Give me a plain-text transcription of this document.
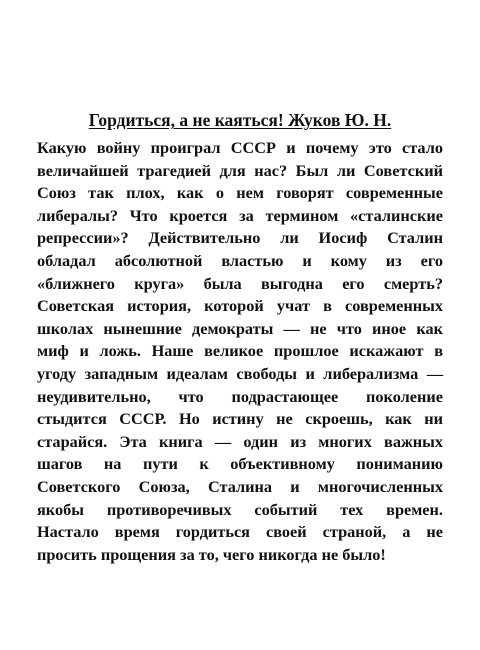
Гордиться, а не каяться! Жуков Ю. Н.
Какую войну проиграл СССР и почему это стало
величайшей трагедией для нас? Был ли Советский
Союз так плох, как о нем говорят современные
либералы? Что кроется за термином «сталинские
репрессии»? Действительно ли Иосиф Сталин
обладал абсолютной властью и кому из его
«ближнего круга» была выгодна его смерть?
Советская история, которой учат в современных
школах нынешние демократы — не что иное как
миф и ложь. Наше великое прошлое искажают в
угоду западным идеалам свободы и либерализма —
неудивительно, что подрастающее поколение
стыдится СССР. Но истину не скроешь, как ни
старайся. Эта книга — один из многих важных
шагов на пути к объективному пониманию
Советского Союза, Сталина и многочисленных
якобы противоречивых событий тех времен.
Настало время гордиться своей страной, а не
просить прощения за то, чего никогда не было!
